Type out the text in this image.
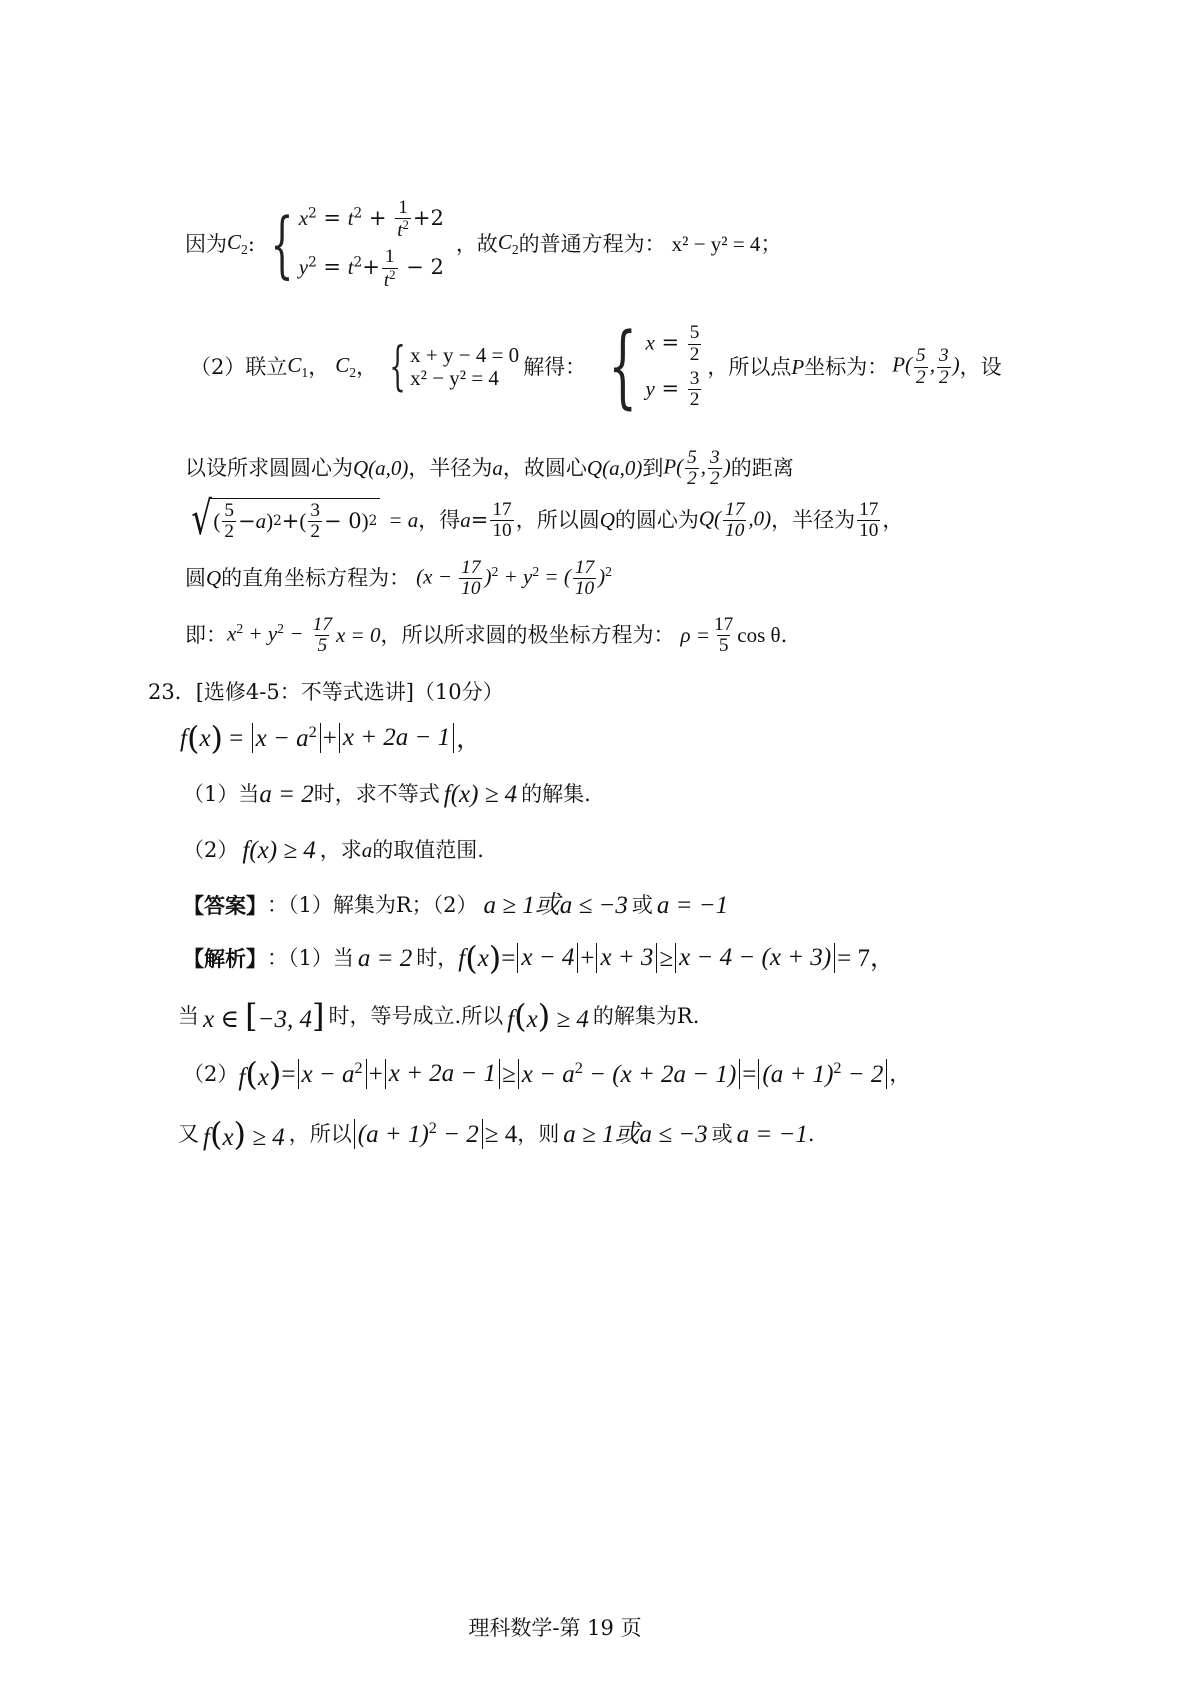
因为 $C_2$ : { $x^2 = t^2 + \frac{1}{t^2} +2$
$y^2 = t^2+ \frac{1}{t^2} - 2$
，故 $C_2$ 的普通方程为： x² − y² = 4 ；
（2）联立 $C_1$ ， $C_2$ ， { x + y − 4 = 0
x² − y² = 4	解得： { $x = \frac{5}{2}$
$y = \frac{3}{2}$
，所以点 P 坐标为： $P( \frac{5}{2}$ , $\frac{3}{2}$ ) ，设
以设所求圆圆心为 Q(a,0) ，半径为 a ，故圆心 Q(a,0) 到 $P( \frac{5}{2}$ , $\frac{3}{2}$ ) 的距离
√ ( $\frac{5}{2} - a$ ) 2 + ( $\frac{3}{2} - 0$ ) 2 = a ，得 $a = \frac{17}{10}$ ，所以圆 Q 的圆心为 $Q( \frac{17}{10} ,0)$ ，半径为 $\frac{17}{10}$ ，
圆 Q 的直角坐标方程为： $(x - \frac{17}{10} )^2 + y^2$ = ( $\frac{17}{10} )^2$
即： $x^2 + y^2 - \frac{17}{5}$ x = 0 ，所以所求圆的极坐标方程为： $\rho = \frac{17}{5}$ cos θ .
23．[选修4-5：不等式选讲]（10分）
f ( x ) = $x - a^2 + x + 2a - 1$ ，
（1）当 a = 2 时，求不等式 f(x) ≥ 4 的解集.
（2） f(x) ≥ 4 ，求 a 的取值范围.
【答案】 ：（1）解集为R；（2） a ≥ 1或a ≤ −3 或 a = −1
【解析】 ：（1）当 a = 2 时， f ( x ) = x − 4 + x + 3 ≥ x − 4 − (x + 3) = 7，
当 x ∈ [−3, 4] 时，等号成立.所以 f(x) ≥ 4 的解集为R.
（2） $f(x) = x - a^2 + x + 2a - 1 \ge x - a^2 - (x + 2a - 1) = (a + 1)^2 - 2$ ，
又 f(x) ≥ 4 ，所以 $(a + 1)^2 - 2 \ge 4$ ，则 a ≥ 1或a ≤ −3 或 a = −1 .
理科数学-第 19 页
